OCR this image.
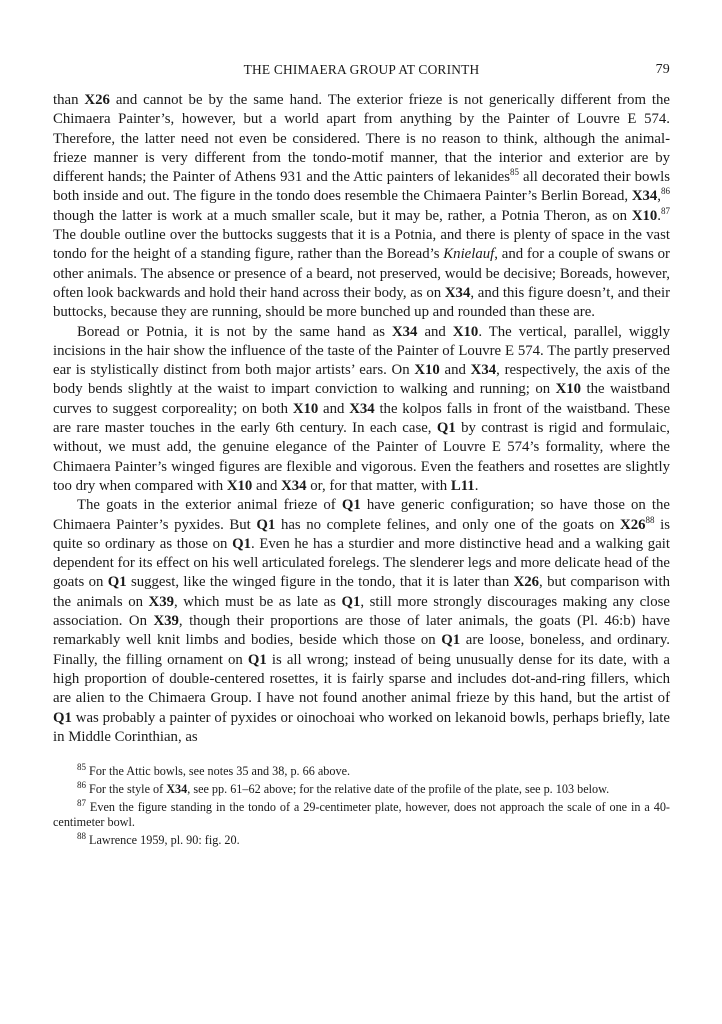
THE CHIMAERA GROUP AT CORINTH	79

than X26 and cannot be by the same hand. The exterior frieze is not generically different from the Chimaera Painter’s, however, but a world apart from anything by the Painter of Louvre E 574. Therefore, the latter need not even be considered. There is no reason to think, although the animal-frieze manner is very different from the tondo-motif manner, that the interior and exterior are by different hands; the Painter of Athens 931 and the Attic painters of lekanides$^{85}$ all decorated their bowls both inside and out. The figure in the tondo does resemble the Chimaera Painter’s Berlin Boread, X34,86 though the latter is work at a much smaller scale, but it may be, rather, a Potnia Theron, as on X10.87 The double outline over the buttocks suggests that it is a Potnia, and there is plenty of space in the vast tondo for the height of a standing figure, rather than the Boread’s Knielauf, and for a couple of swans or other animals. The absence or presence of a beard, not preserved, would be decisive; Boreads, however, often look backwards and hold their hand across their body, as on X34, and this figure doesn’t, and their buttocks, because they are running, should be more bunched up and rounded than these are.

Boread or Potnia, it is not by the same hand as X34 and X10. The vertical, parallel, wiggly incisions in the hair show the influence of the taste of the Painter of Louvre E 574. The partly preserved ear is stylistically distinct from both major artists’ ears. On X10 and X34, respectively, the axis of the body bends slightly at the waist to impart conviction to walking and running; on X10 the waistband curves to suggest corporeality; on both X10 and X34 the kolpos falls in front of the waistband. These are rare master touches in the early 6th century. In each case, Q1 by contrast is rigid and formulaic, without, we must add, the genuine elegance of the Painter of Louvre E 574’s formality, where the Chimaera Painter’s winged figures are flexible and vigorous. Even the feathers and rosettes are slightly too dry when compared with X10 and X34 or, for that matter, with L11.

The goats in the exterior animal frieze of Q1 have generic configuration; so have those on the Chimaera Painter’s pyxides. But Q1 has no complete felines, and only one of the goats on $X26^{88}$ is quite so ordinary as those on Q1. Even he has a sturdier and more distinctive head and a walking gait dependent for its effect on his well articulated forelegs. The slenderer legs and more delicate head of the goats on Q1 suggest, like the winged figure in the tondo, that it is later than X26, but comparison with the animals on X39, which must be as late as Q1, still more strongly discourages making any close association. On X39, though their proportions are those of later animals, the goats (Pl. 46:b) have remarkably well knit limbs and bodies, beside which those on Q1 are loose, boneless, and ordinary. Finally, the filling ornament on Q1 is all wrong; instead of being unusually dense for its date, with a high proportion of double-centered rosettes, it is fairly sparse and includes dot-and-ring fillers, which are alien to the Chimaera Group. I have not found another animal frieze by this hand, but the artist of Q1 was probably a painter of pyxides or oinochoai who worked on lekanoid bowls, perhaps briefly, late in Middle Corinthian, as

$^{85}$ For the Attic bowls, see notes 35 and 38, p. 66 above.

$^{86}$ For the style of X34, see pp. 61–62 above; for the relative date of the profile of the plate, see p. 103 below.

$^{87}$ Even the figure standing in the tondo of a 29-centimeter plate, however, does not approach the scale of one in a 40-centimeter bowl.

$^{88}$ Lawrence 1959, pl. 90: fig. 20.
